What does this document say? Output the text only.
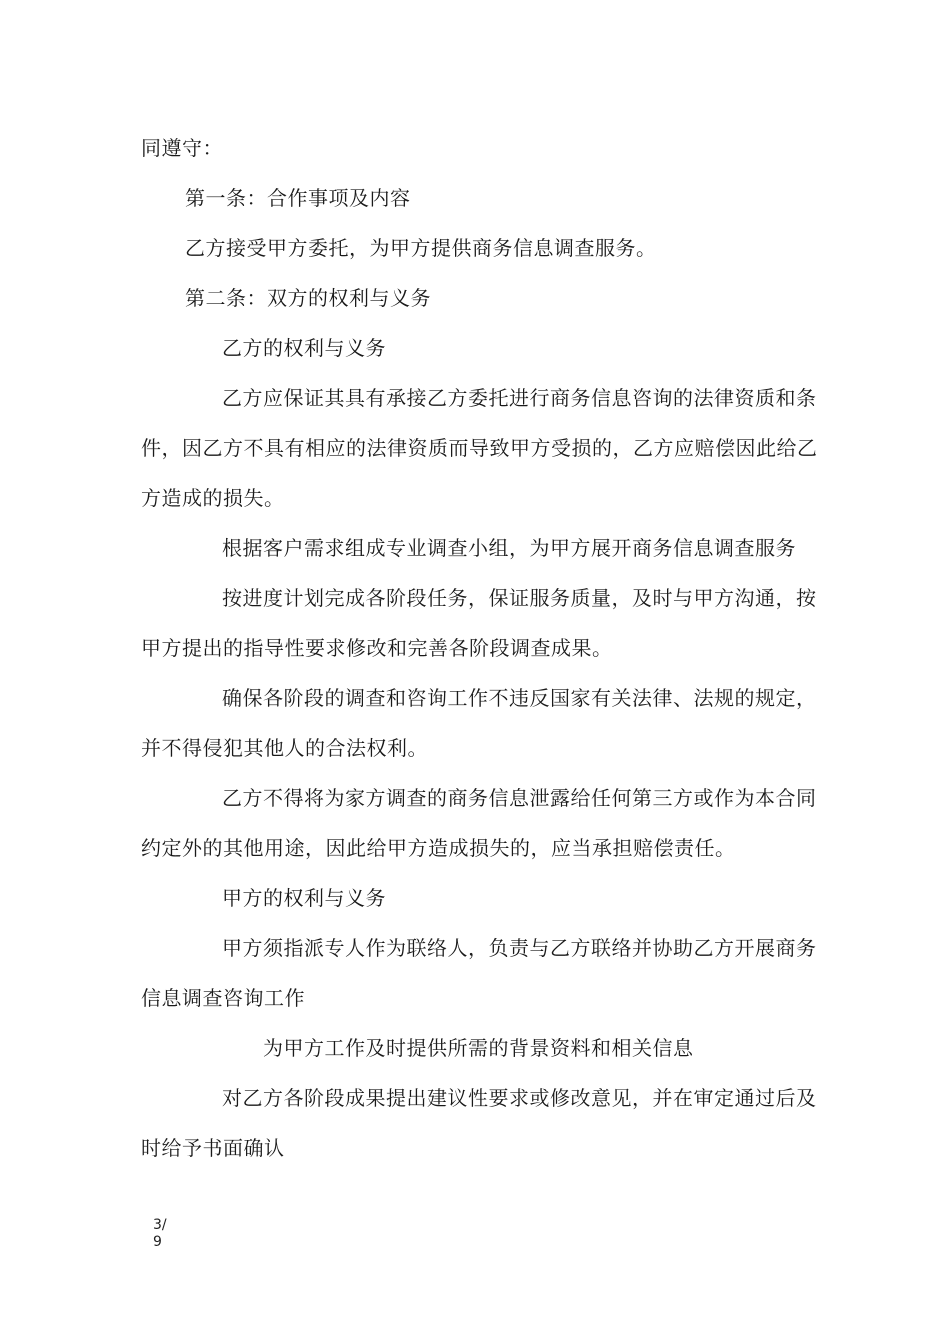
同遵守：
第一条：合作事项及内容
乙方接受甲方委托，为甲方提供商务信息调查服务。
第二条：双方的权利与义务
乙方的权利与义务
乙方应保证其具有承接乙方委托进行商务信息咨询的法律资质和条
件，因乙方不具有相应的法律资质而导致甲方受损的，乙方应赔偿因此给乙
方造成的损失。
根据客户需求组成专业调查小组，为甲方展开商务信息调查服务
按进度计划完成各阶段任务，保证服务质量，及时与甲方沟通，按
甲方提出的指导性要求修改和完善各阶段调查成果。
确保各阶段的调查和咨询工作不违反国家有关法律、法规的规定，
并不得侵犯其他人的合法权利。
乙方不得将为家方调查的商务信息泄露给任何第三方或作为本合同
约定外的其他用途，因此给甲方造成损失的，应当承担赔偿责任。
甲方的权利与义务
甲方须指派专人作为联络人，负责与乙方联络并协助乙方开展商务
信息调查咨询工作
为甲方工作及时提供所需的背景资料和相关信息
对乙方各阶段成果提出建议性要求或修改意见，并在审定通过后及
时给予书面确认
3/
9
